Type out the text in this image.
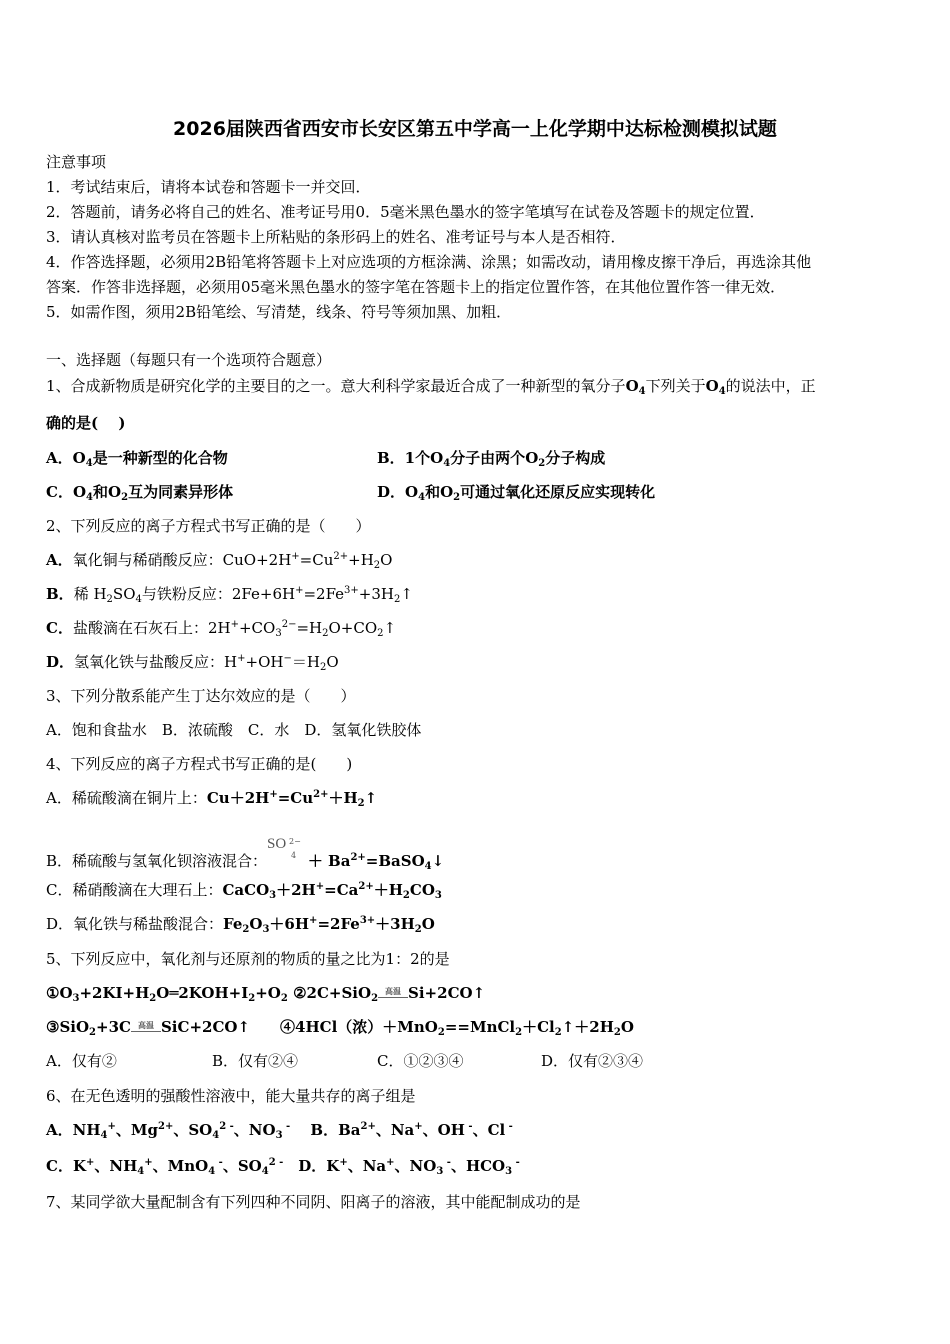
2026届陕西省西安市长安区第五中学高一上化学期中达标检测模拟试题
注意事项
1．考试结束后，请将本试卷和答题卡一并交回．
2．答题前，请务必将自己的姓名、准考证号用0．5毫米黑色墨水的签字笔填写在试卷及答题卡的规定位置．
3．请认真核对监考员在答题卡上所粘贴的条形码上的姓名、准考证号与本人是否相符．
4．作答选择题，必须用2B铅笔将答题卡上对应选项的方框涂满、涂黑；如需改动，请用橡皮擦干净后，再选涂其他
答案．作答非选择题，必须用05毫米黑色墨水的签字笔在答题卡上的指定位置作答，在其他位置作答一律无效．
5．如需作图，须用2B铅笔绘、写清楚，线条、符号等须加黑、加粗．
一、选择题（每题只有一个选项符合题意）
1、合成新物质是研究化学的主要目的之一。意大利科学家最近合成了一种新型的氧分子$O_4$下列关于$O_4$的说法中，正
确的是(　 )
A．$O_4$是一种新型的化合物	B．1个$O_4$分子由两个$O_2$分子构成
C．$O_4$和$O_2$互为同素异形体	D．$O_4$和$O_2$可通过氧化还原反应实现转化
2、下列反应的离子方程式书写正确的是（　　）
A．氧化铜与稀硝酸反应：$CuO+2H^+=Cu^{2+}+H_2O$
B．稀 $H_2SO_4$与铁粉反应：$2Fe+6H^+=2Fe^{3+}+3H_2↑$
C．盐酸滴在石灰石上：$2H^++CO_3^{2-}=H_2O+CO_2↑$
D．氢氧化铁与盐酸反应：$H^++OH^-=H_2O$
3、下列分散系能产生丁达尔效应的是（　　）
A．饱和食盐水　B．浓硫酸　C．水　D．氢氧化铁胶体
4、下列反应的离子方程式书写正确的是(　　)
A．稀硫酸滴在铜片上：$Cu+2H^+=Cu^{2+}+H_2↑$
B．稀硫酸与氢氧化钡溶液混合：
SO 2−
$4 + Ba^{2+}=BaSO_4↓$
C．稀硝酸滴在大理石上：$CaCO_3+2H^+=Ca^{2+}+H_2CO_3$
D．氧化铁与稀盐酸混合：$Fe_2O_3+6H^+=2Fe^{3+}+3H_2O$
5、下列反应中，氧化剂与还原剂的物质的量之比为1：2的是
$①O_3+2KI+H_2O═2KOH+I_2+O_2$ ②2C+SiO$_2$
高温 Si+2CO↑
③SiO$_2$+3C 高温 SiC+2CO↑　　④4HCl（浓）$+MnO_2==MnCl_2+Cl_2↑+2H_2O$
A．仅有②	B．仅有②④	C．①②③④	D．仅有②③④
6、在无色透明的强酸性溶液中，能大量共存的离子组是
A．$NH_4^+$、$Mg^{2+}$、$SO_4^{2 -}$、$NO_3$ -　 B．$Ba^{2+}$、Na+、OH -、Cl -
C．K+、$NH_4^+$、MnO$_4$ -、$SO_4^{2 -}$　D．K+、Na+、$NO_3$ -、$HCO_3$ -
7、某同学欲大量配制含有下列四种不同阴、阳离子的溶液，其中能配制成功的是
